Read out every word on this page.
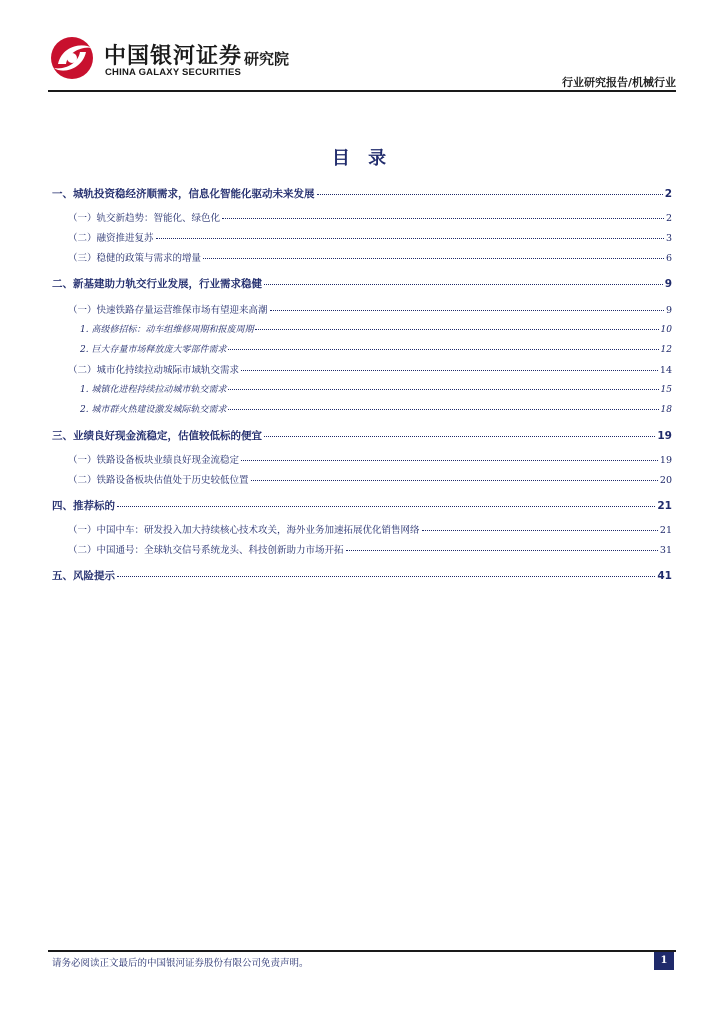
中国银河证券
CHINA GALAXY SECURITIES
研究院
行业研究报告/机械行业
目 录
一、城轨投资稳经济顺需求，信息化智能化驱动未来发展	2
（一）轨交新趋势：智能化、绿色化	2
（二）融资推进复苏	3
（三）稳健的政策与需求的增量	6
二、新基建助力轨交行业发展，行业需求稳健	9
（一）快速铁路存量运营维保市场有望迎来高潮	9
1. 高级修招标：动车组维修周期和报废周期	10
2. 巨大存量市场释放庞大零部件需求	12
（二）城市化持续拉动城际市域轨交需求	14
1. 城镇化进程持续拉动城市轨交需求	15
2. 城市群火热建设激发城际轨交需求	18
三、业绩良好现金流稳定，估值较低标的便宜	19
（一）铁路设备板块业绩良好现金流稳定	19
（二）铁路设备板块估值处于历史较低位置	20
四、推荐标的	21
（一）中国中车：研发投入加大持续核心技术攻关，海外业务加速拓展优化销售网络	21
（二）中国通号：全球轨交信号系统龙头、科技创新助力市场开拓	31
五、风险提示	41
请务必阅读正文最后的中国银河证券股份有限公司免责声明。	1
